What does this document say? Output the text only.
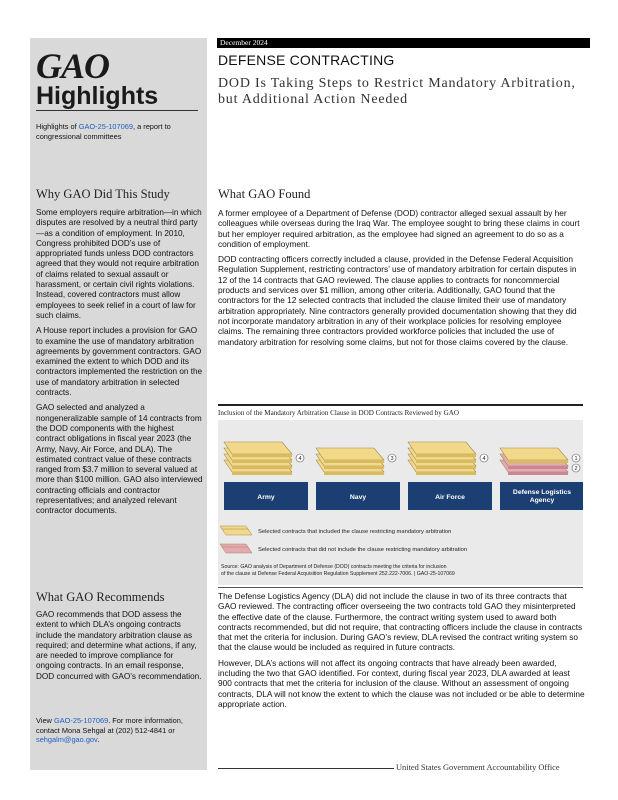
GAO
Highlights
Highlights of GAO-25-107069, a report to congressional committees
Why GAO Did This Study

Some employers require arbitration—in which disputes are resolved by a neutral third party—as a condition of employment. In 2010, Congress prohibited DOD’s use of appropriated funds unless DOD contractors agreed that they would not require arbitration of claims related to sexual assault or harassment, or certain civil rights violations. Instead, covered contractors must allow employees to seek relief in a court of law for such claims.

A House report includes a provision for GAO to examine the use of mandatory arbitration agreements by government contractors. GAO examined the extent to which DOD and its contractors implemented the restriction on the use of mandatory arbitration in selected contracts.

GAO selected and analyzed a nongeneralizable sample of 14 contracts from the DOD components with the highest contract obligations in fiscal year 2023 (the Army, Navy, Air Force, and DLA). The estimated contract value of these contracts ranged from $3.7 million to several valued at more than $100 million. GAO also interviewed contracting officials and contractor representatives; and analyzed relevant contractor documents.

What GAO Recommends

GAO recommends that DOD assess the extent to which DLA’s ongoing contracts include the mandatory arbitration clause as required; and determine what actions, if any, are needed to improve compliance for ongoing contracts. In an email response, DOD concurred with GAO’s recommendation.

View GAO-25-107069. For more information, contact Mona Sehgal at (202) 512-4841 or sehgalm@gao.gov.
December 2024
DEFENSE CONTRACTING
DOD Is Taking Steps to Restrict Mandatory Arbitration, but Additional Action Needed
What GAO Found

A former employee of a Department of Defense (DOD) contractor alleged sexual assault by her colleagues while overseas during the Iraq War. The employee sought to bring these claims in court but her employer required arbitration, as the employee had signed an agreement to do so as a condition of employment.

DOD contracting officers correctly included a clause, provided in the Defense Federal Acquisition Regulation Supplement, restricting contractors’ use of mandatory arbitration for certain disputes in 12 of the 14 contracts that GAO reviewed. The clause applies to contracts for noncommercial products and services over $1 million, among other criteria. Additionally, GAO found that the contractors for the 12 selected contracts that included the clause limited their use of mandatory arbitration appropriately. Nine contractors generally provided documentation showing that they did not incorporate mandatory arbitration in any of their workplace policies for resolving employee claims. The remaining three contractors provided workforce policies that included the use of mandatory arbitration for resolving some claims, but not for those claims covered by the clause.

Inclusion of the Mandatory Arbitration Clause in DOD Contracts Reviewed by GAO
4
Army
3
Navy
4
Air Force
1
2
Defense Logistics
Agency
Selected contracts that included the clause restricting mandatory arbitration
Selected contracts that did not include the clause restricting mandatory arbitration
Source: GAO analysis of Department of Defense (DOD) contracts meeting the criteria for inclusion
of the clause at Defense Federal Acquisition Regulation Supplement 252.222-7006. | GAO-25-107069

The Defense Logistics Agency (DLA) did not include the clause in two of its three contracts that GAO reviewed. The contracting officer overseeing the two contracts told GAO they misinterpreted the effective date of the clause. Furthermore, the contract writing system used to award both contracts recommended, but did not require, that contracting officers include the clause in contracts that met the criteria for inclusion. During GAO’s review, DLA revised the contract writing system so that the clause would be included as required in future contracts.

However, DLA’s actions will not affect its ongoing contracts that have already been awarded, including the two that GAO identified. For context, during fiscal year 2023, DLA awarded at least 900 contracts that met the criteria for inclusion of the clause. Without an assessment of ongoing contracts, DLA will not know the extent to which the clause was not included or be able to determine appropriate action.

United States Government Accountability Office
